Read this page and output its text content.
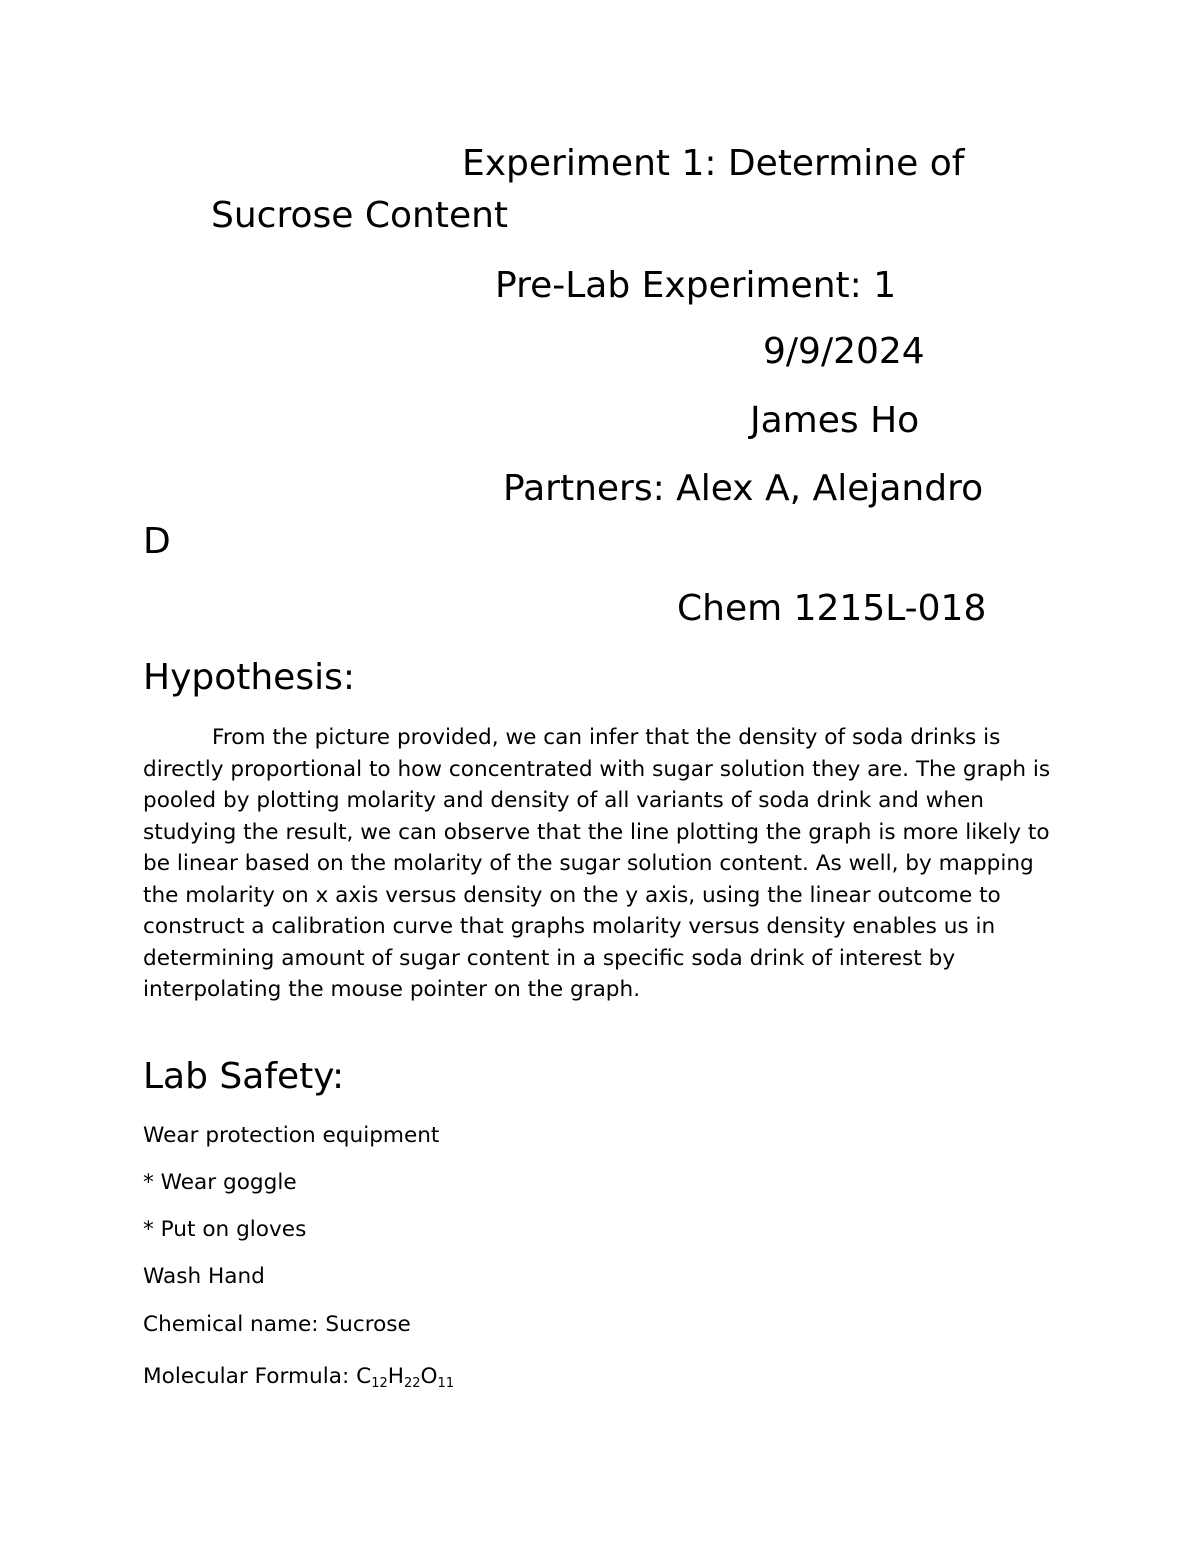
Experiment 1: Determine of
Sucrose Content
Pre-Lab Experiment: 1
9/9/2024
James Ho
Partners: Alex A, Alejandro
D
Chem 1215L-018
Hypothesis:

From the picture provided, we can infer that the density of soda drinks is directly proportional to how concentrated with sugar solution they are. The graph is pooled by plotting molarity and density of all variants of soda drink and when studying the result, we can observe that the line plotting the graph is more likely to be linear based on the molarity of the sugar solution content. As well, by mapping the molarity on x axis versus density on the y axis, using the linear outcome to construct a calibration curve that graphs molarity versus density enables us in determining amount of sugar content in a specific soda drink of interest by interpolating the mouse pointer on the graph.

Lab Safety:
Wear protection equipment
* Wear goggle
* Put on gloves
Wash Hand
Chemical name: Sucrose
Molecular Formula: $C_{12}H_{22}O_{11}$
